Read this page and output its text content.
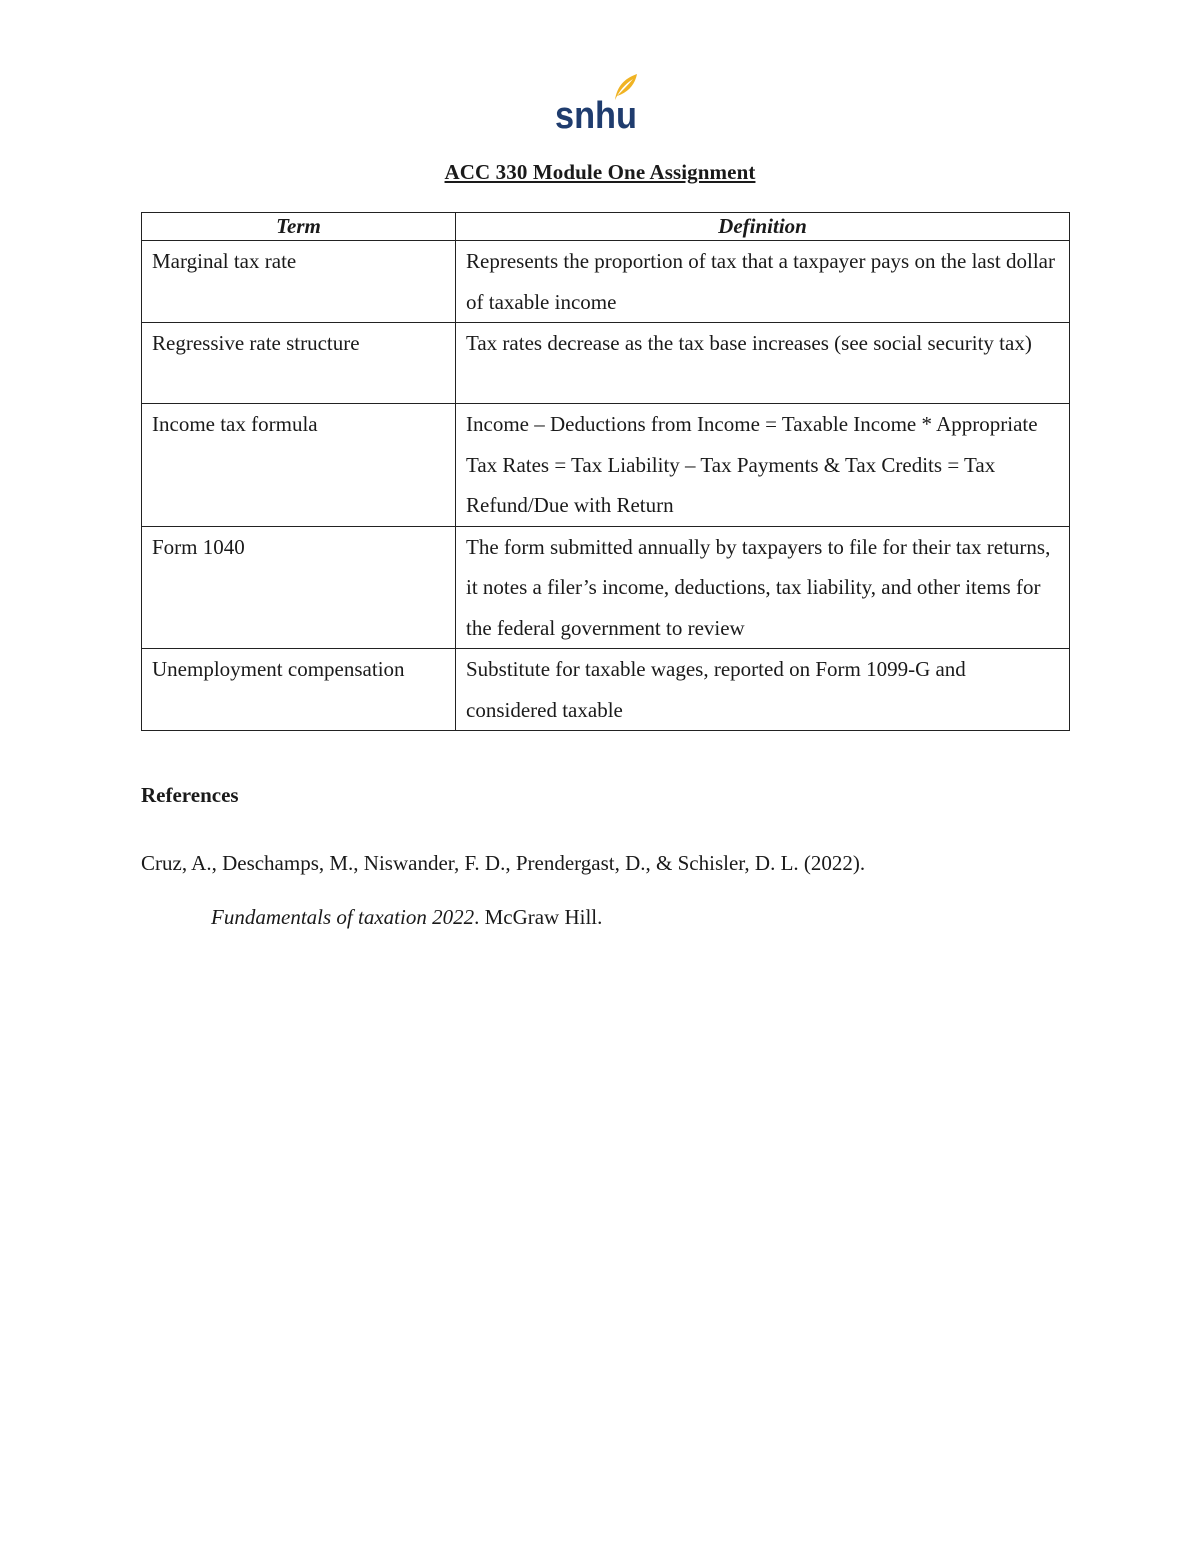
snhu
ACC 330 Module One Assignment
Term	Definition
Marginal tax rate	Represents the proportion of tax that a taxpayer pays on the last dollar of taxable income
Regressive rate structure	Tax rates decrease as the tax base increases (see social security tax)
Income tax formula	Income – Deductions from Income = Taxable Income * Appropriate Tax Rates = Tax Liability – Tax Payments & Tax Credits = Tax Refund/Due with Return
Form 1040	The form submitted annually by taxpayers to file for their tax returns, it notes a filer’s income, deductions, tax liability, and other items for the federal government to review
Unemployment compensation	Substitute for taxable wages, reported on Form 1099-G and considered taxable
References
Cruz, A., Deschamps, M., Niswander, F. D., Prendergast, D., & Schisler, D. L. (2022).
Fundamentals of taxation 2022. McGraw Hill.
